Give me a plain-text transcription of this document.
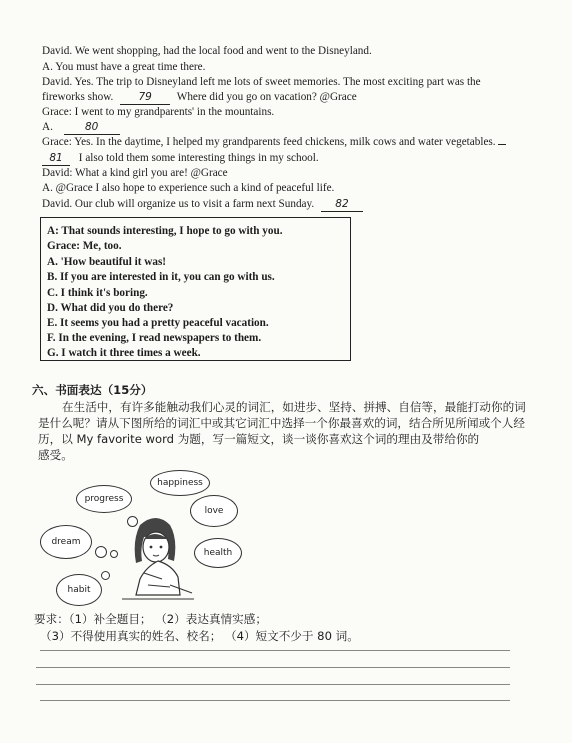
David. We went shopping, had the local food and went to the Disneyland.
A. You must have a great time there.
David. Yes. The trip to Disneyland left me lots of sweet memories. The most exciting part was the
fireworks show. 79 Where did you go on vacation? @Grace
Grace: I went to my grandparents' in the mountains.
A.	80
Grace: Yes. In the daytime, I helped my grandparents feed chickens, milk cows and water vegetables.
81 I also told them some interesting things in my school.
David: What a kind girl you are! @Grace
A. @Grace I also hope to experience such a kind of peaceful life.
David. Our club will organize us to visit a farm next Sunday. 82
A: That sounds interesting, I hope to go with you.
Grace: Me, too.
A. 'How beautiful it was!
B. If you are interested in it, you can go with us.
C. I think it's boring.
D. What did you do there?
E. It seems you had a pretty peaceful vacation.
F. In the evening, I read newspapers to them.
G. I watch it three times a week.
六、书面表达（15分）
在生活中，有许多能触动我们心灵的词汇，如进步、坚持、拼搏、自信等，最能打动你的词
是什么呢？请从下图所给的词汇中或其它词汇中选择一个你最喜欢的词，结合所见所闻或个人经
历，以 My favorite word 为题，写一篇短文，谈一谈你喜欢这个词的理由及带给你的
感受。
happiness
progress
love
dream
health
habit
要求：（1）补全题目； （2）表达真情实感；
（3）不得使用真实的姓名、校名； （4）短文不少于 80 词。
